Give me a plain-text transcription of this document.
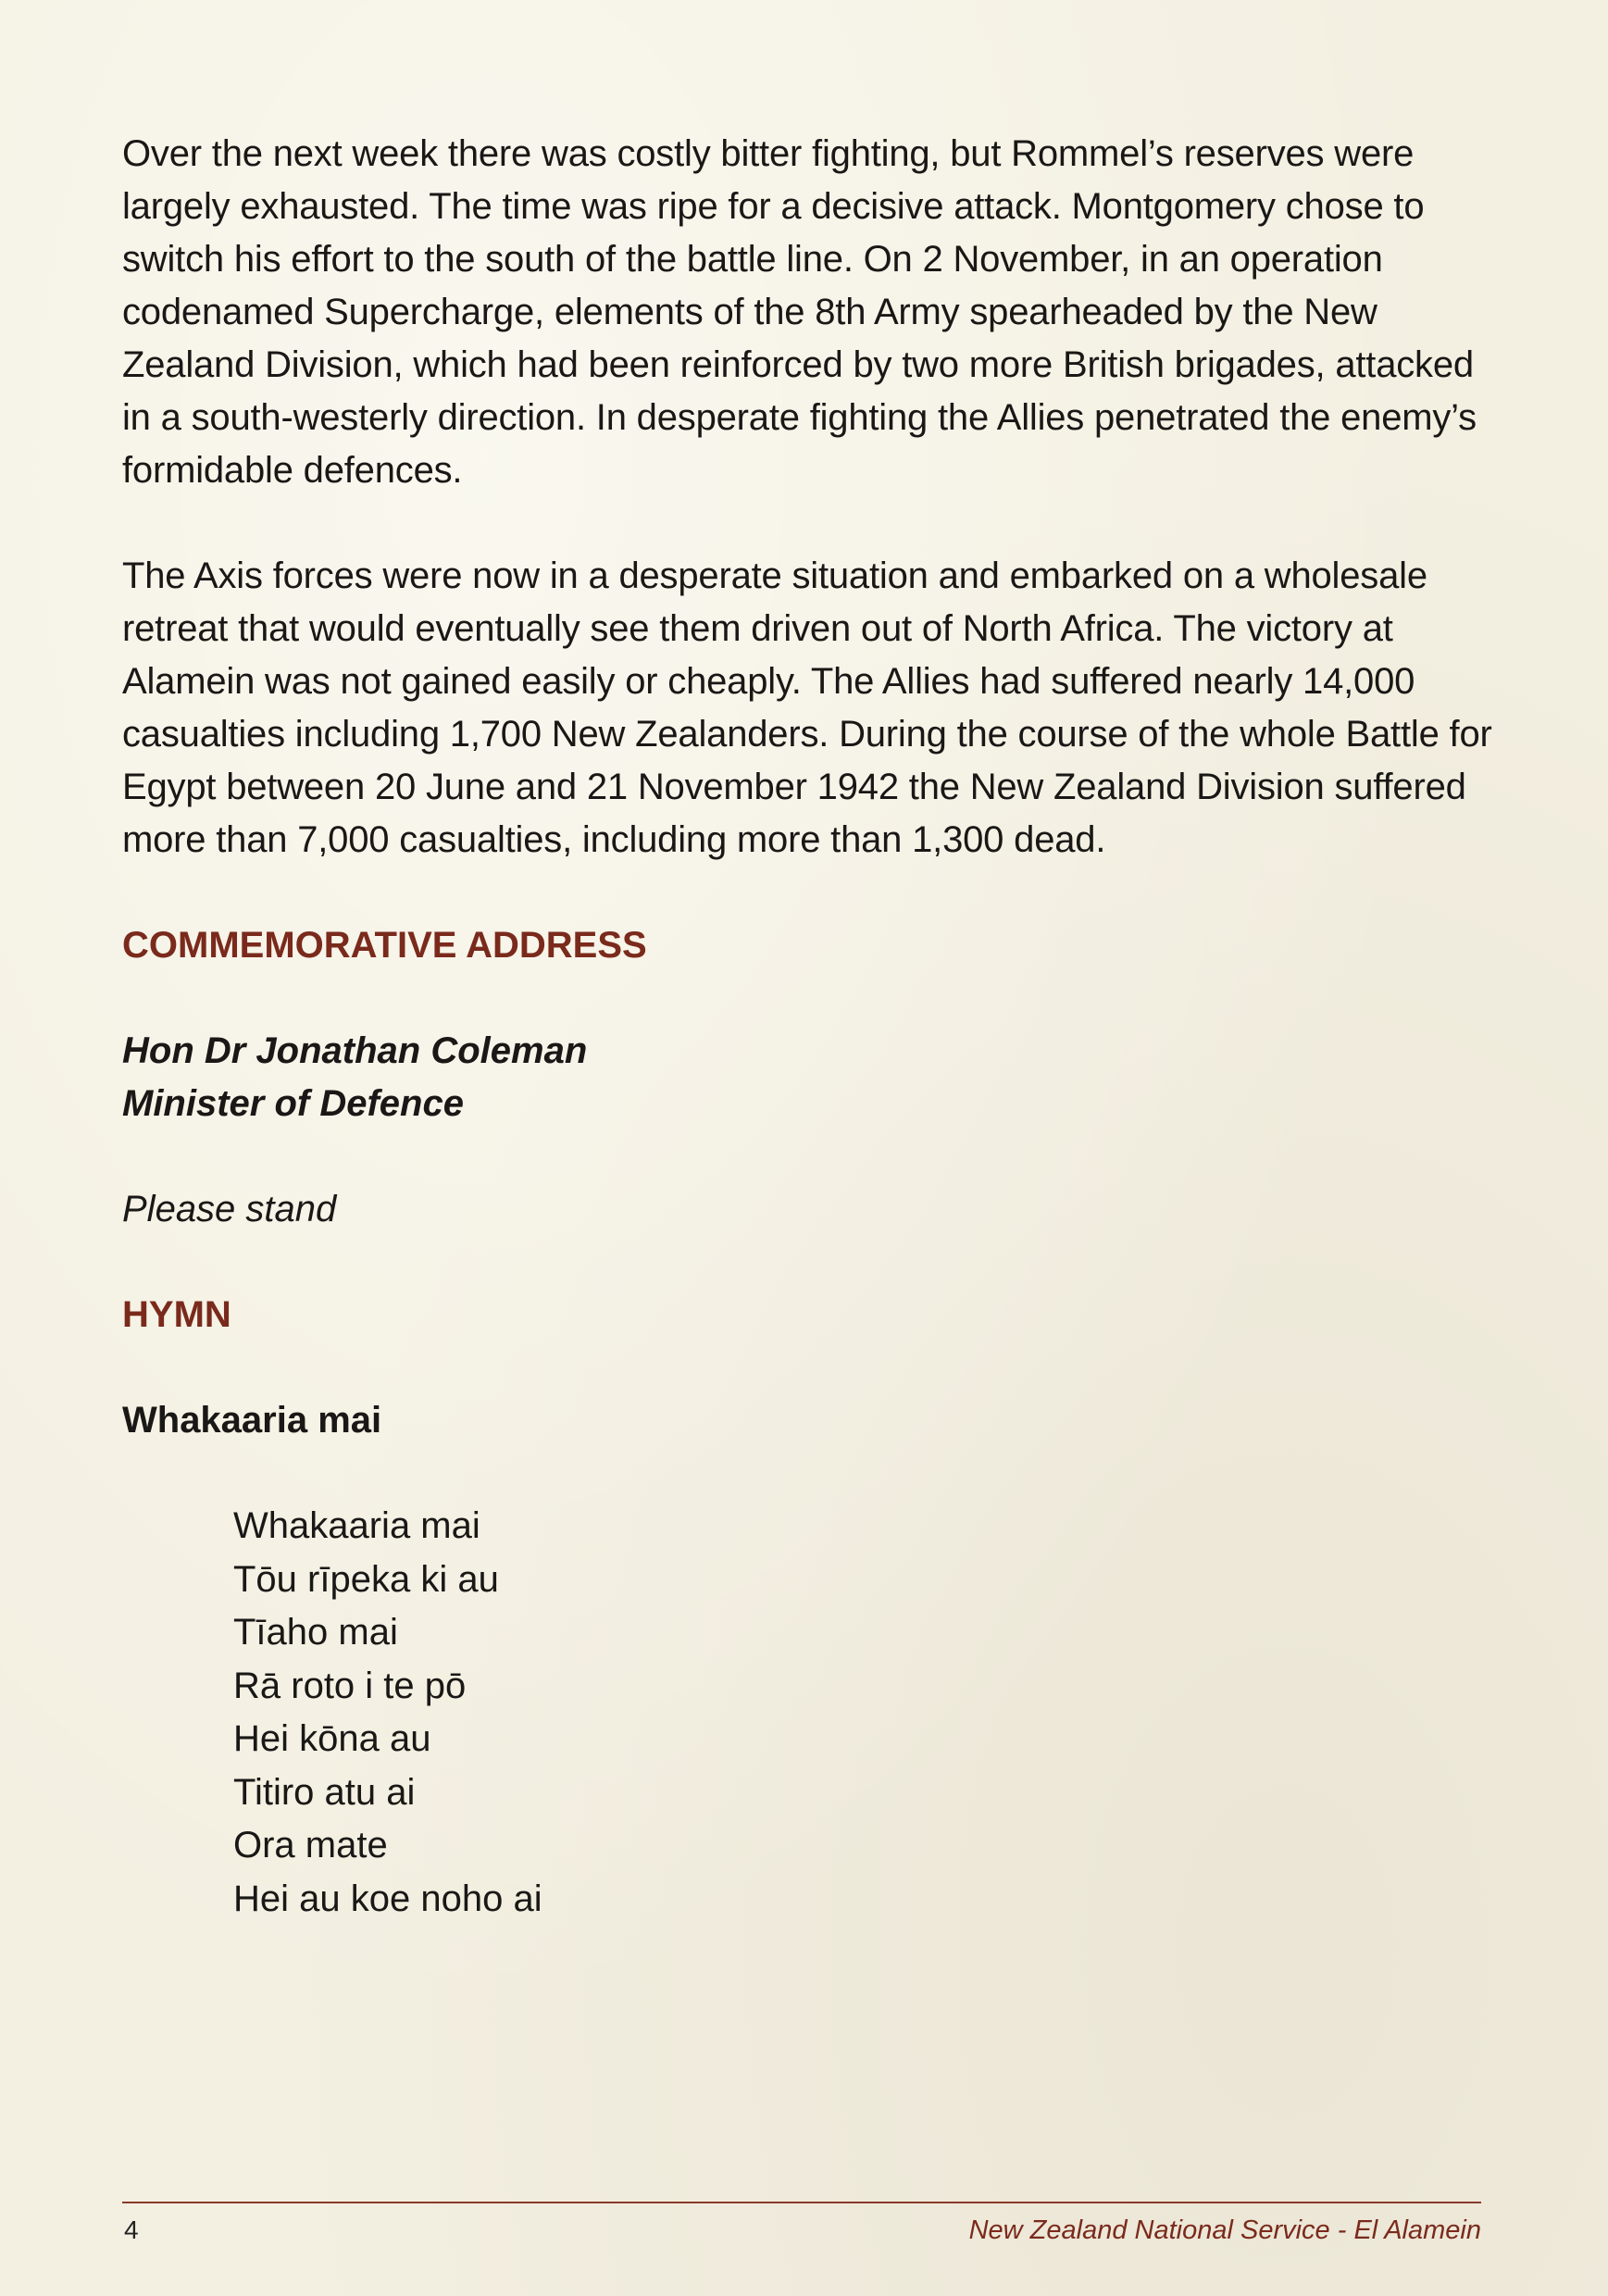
Over the next week there was costly bitter fighting, but Rommel’s reserves were largely exhausted. The time was ripe for a decisive attack. Montgomery chose to switch his effort to the south of the battle line. On 2 November, in an operation codenamed Supercharge, elements of the 8th Army spearheaded by the New Zealand Division, which had been reinforced by two more British brigades, attacked in a south-westerly direction. In desperate fighting the Allies penetrated the enemy’s formidable defences.

The Axis forces were now in a desperate situation and embarked on a wholesale retreat that would eventually see them driven out of North Africa. The victory at Alamein was not gained easily or cheaply. The Allies had suffered nearly 14,000 casualties including 1,700 New Zealanders. During the course of the whole Battle for Egypt between 20 June and 21 November 1942 the New Zealand Division suffered more than 7,000 casualties, including more than 1,300 dead.

COMMEMORATIVE ADDRESS
Hon Dr Jonathan Coleman
Minister of Defence
Please stand
HYMN
Whakaaria mai
Whakaaria mai
Tōu rīpeka ki au
Tīaho mai
Rā roto i te pō
Hei kōna au
Titiro atu ai
Ora mate
Hei au koe noho ai
4	New Zealand National Service - El Alamein
